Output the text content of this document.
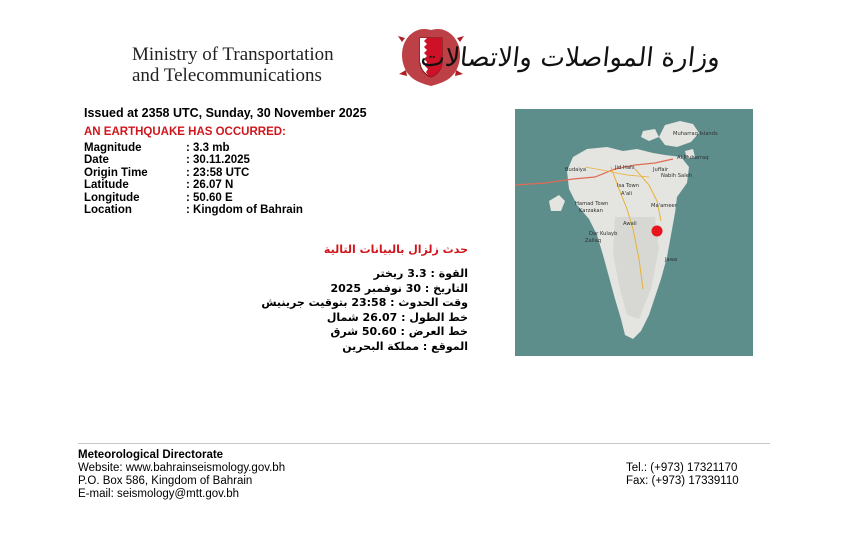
Ministry of Transportation
and Telecommunications
وزارة المواصلات والاتصالات
Issued at 2358 UTC, Sunday, 30 November 2025
AN EARTHQUAKE HAS OCCURRED:
Magnitude	: 3.3 mb
Date	: 30.11.2025
Origin Time	: 23:58 UTC
Latitude	: 26.07 N
Longitude	: 50.60 E
Location	: Kingdom of Bahrain
حدث زلزال بالبيانات التالية
القوة : 3.3 ريختر
التاريخ : 30 نوفمبر 2025
وقت الحدوث : 23:58 بتوقيت جرينيش
خط الطول : 26.07 شمال
خط العرض : 50.60 شرق
الموقع : مملكة البحرين
Muharraq Islands
Al Muharraq
Budaiya	Jid Hafs	Juffair
Nabih Saleh
Isa Town
A'ali
Hamad Town
Karzakan
Ma'ameer
Awali
Dar Kulayb
Zallaq
Jawa
Meteorological Directorate
Website: www.bahrainseismology.gov.bh
P.O. Box 586, Kingdom of Bahrain
E-mail: seismology@mtt.gov.bh
Tel.: (+973) 17321170
Fax: (+973) 17339110
